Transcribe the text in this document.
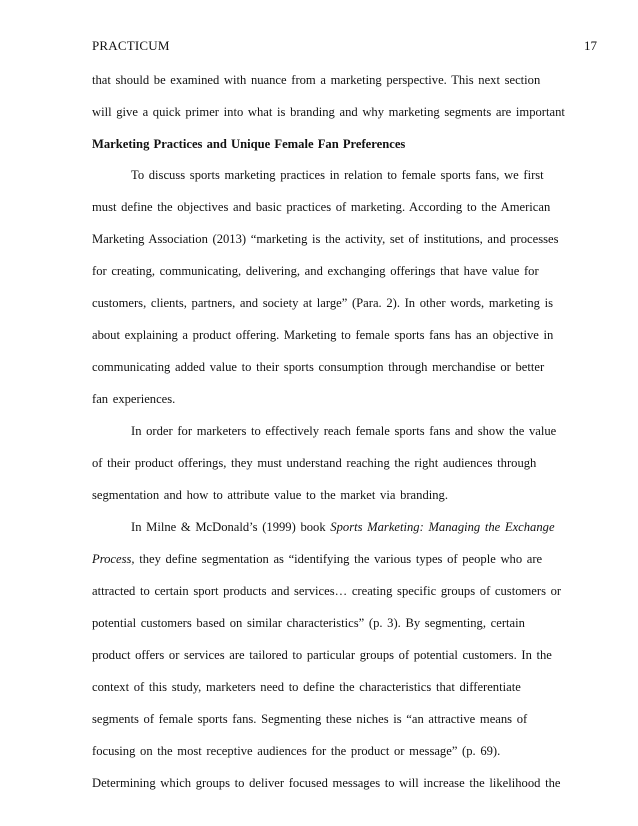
PRACTICUM	17
that should be examined with nuance from a marketing perspective. This next section
will give a quick primer into what is branding and why marketing segments are important
Marketing Practices and Unique Female Fan Preferences
To discuss sports marketing practices in relation to female sports fans, we first
must define the objectives and basic practices of marketing. According to the American
Marketing Association (2013) “marketing is the activity, set of institutions, and processes
for creating, communicating, delivering, and exchanging offerings that have value for
customers, clients, partners, and society at large” (Para. 2). In other words, marketing is
about explaining a product offering. Marketing to female sports fans has an objective in
communicating added value to their sports consumption through merchandise or better
fan experiences.
In order for marketers to effectively reach female sports fans and show the value
of their product offerings, they must understand reaching the right audiences through
segmentation and how to attribute value to the market via branding.
In Milne & McDonald’s (1999) book Sports Marketing: Managing the Exchange
Process, they define segmentation as “identifying the various types of people who are
attracted to certain sport products and services… creating specific groups of customers or
potential customers based on similar characteristics” (p. 3). By segmenting, certain
product offers or services are tailored to particular groups of potential customers. In the
context of this study, marketers need to define the characteristics that differentiate
segments of female sports fans. Segmenting these niches is “an attractive means of
focusing on the most receptive audiences for the product or message” (p. 69).
Determining which groups to deliver focused messages to will increase the likelihood the
